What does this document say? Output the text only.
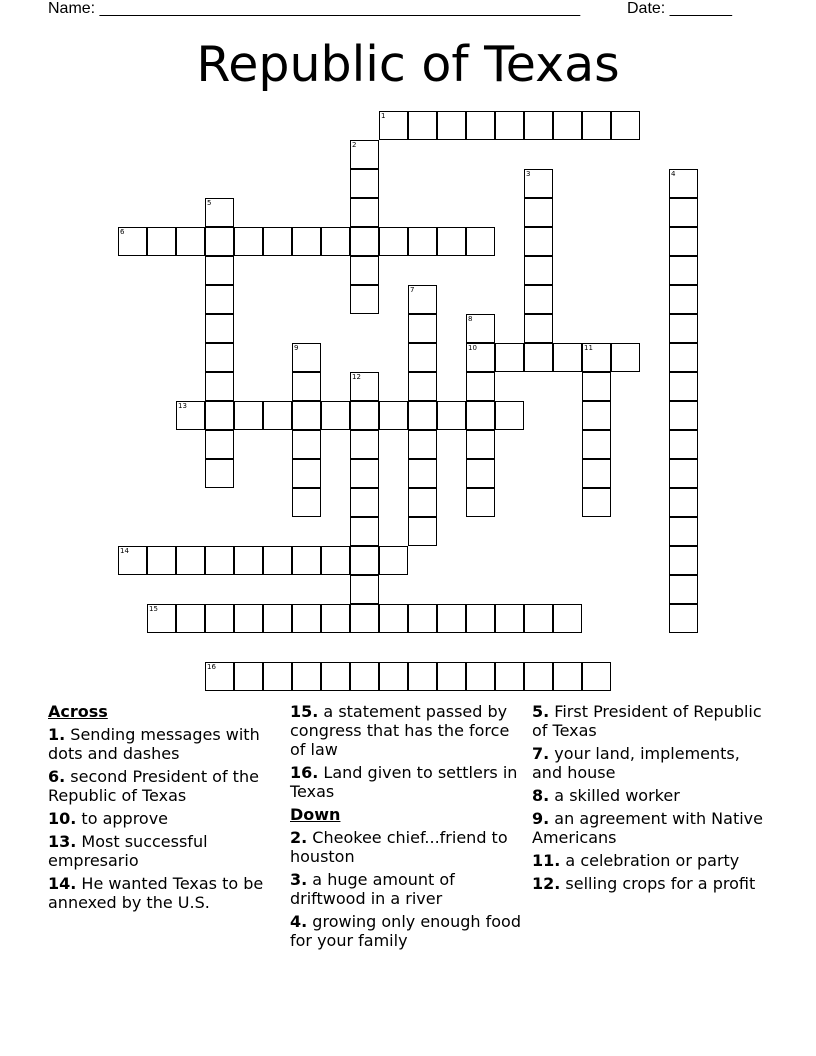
Name: ______________________________________________________	Date: _______
Republic of Texas
1
2
3	4
5
6
7
8
10
9	11
12
13
14
15
16
Across
1. Sending messages with dots and dashes
6. second President of the Republic of Texas
10. to approve
13. Most successful empresario
14. He wanted Texas to be annexed by the U.S.
15. a statement passed by congress that has the force of law
16. Land given to settlers in Texas
Down
2. Cheokee chief...friend to houston
3. a huge amount of driftwood in a river
4. growing only enough food for your family
5. First President of Republic of Texas
7. your land, implements, and house
8. a skilled worker
9. an agreement with Native Americans
11. a celebration or party
12. selling crops for a profit
